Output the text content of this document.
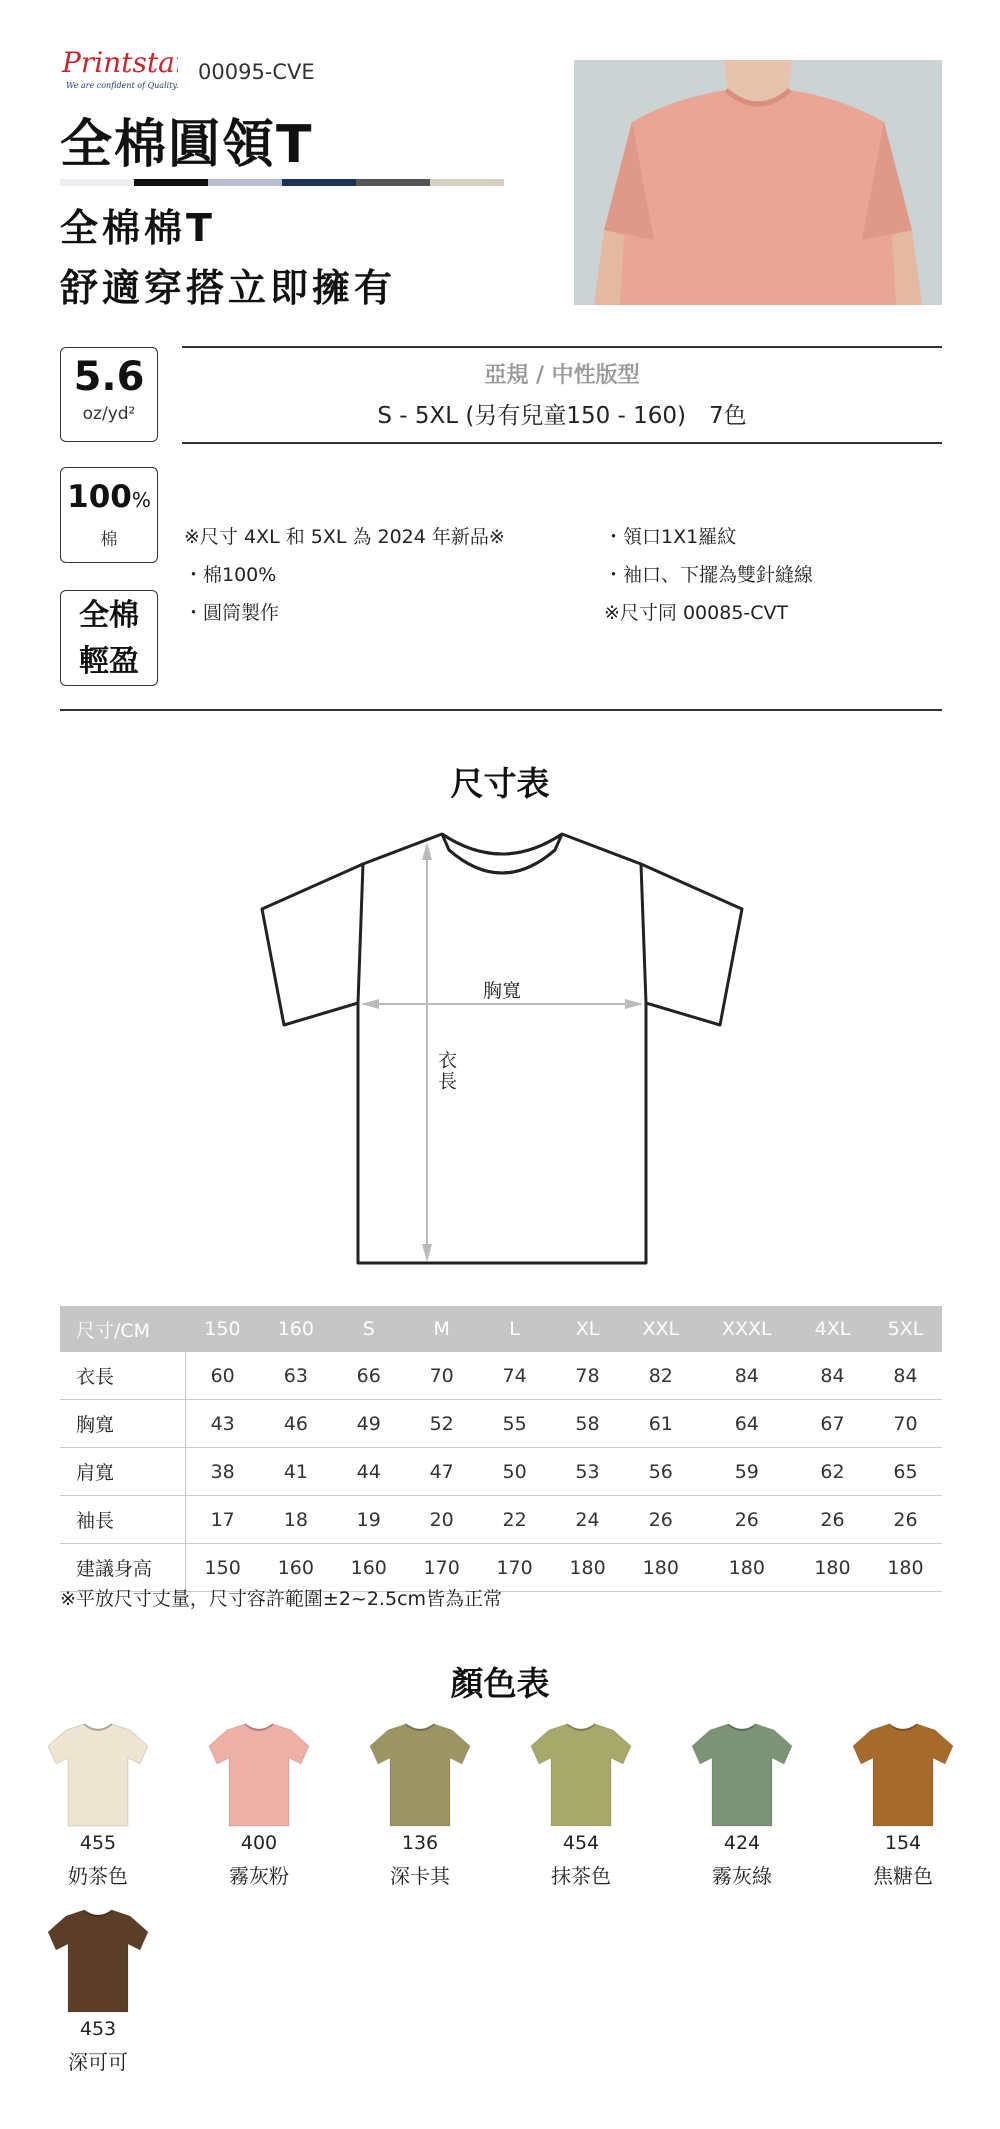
Printstar
We are confident of Quality.
00095-CVE
全棉圓領T
全棉棉T
舒適穿搭立即擁有
5.6
oz/yd²
100%
棉
全棉
輕盈
亞規 / 中性版型
S - 5XL (另有兒童150 - 160)　7色
※尺寸 4XL 和 5XL 為 2024 年新品※
・棉100%
・圓筒製作
・領口1X1羅紋
・袖口、下擺為雙針縫線
※尺寸同 00085-CVT
尺寸表
胸寬
衣長
尺寸/CM	150	160	S	M	L	XL	XXL	XXXL	4XL	5XL
衣長	60	63	66	70	74	78	82	84	84	84
胸寬	43	46	49	52	55	58	61	64	67	70
肩寬	38	41	44	47	50	53	56	59	62	65
袖長	17	18	19	20	22	24	26	26	26	26
建議身高	150	160	160	170	170	180	180	180	180	180
※平放尺寸丈量，尺寸容許範圍±2~2.5cm皆為正常
顏色表
455
奶茶色
400
霧灰粉
136
深卡其
454
抹茶色
424
霧灰綠
154
焦糖色
453
深可可
